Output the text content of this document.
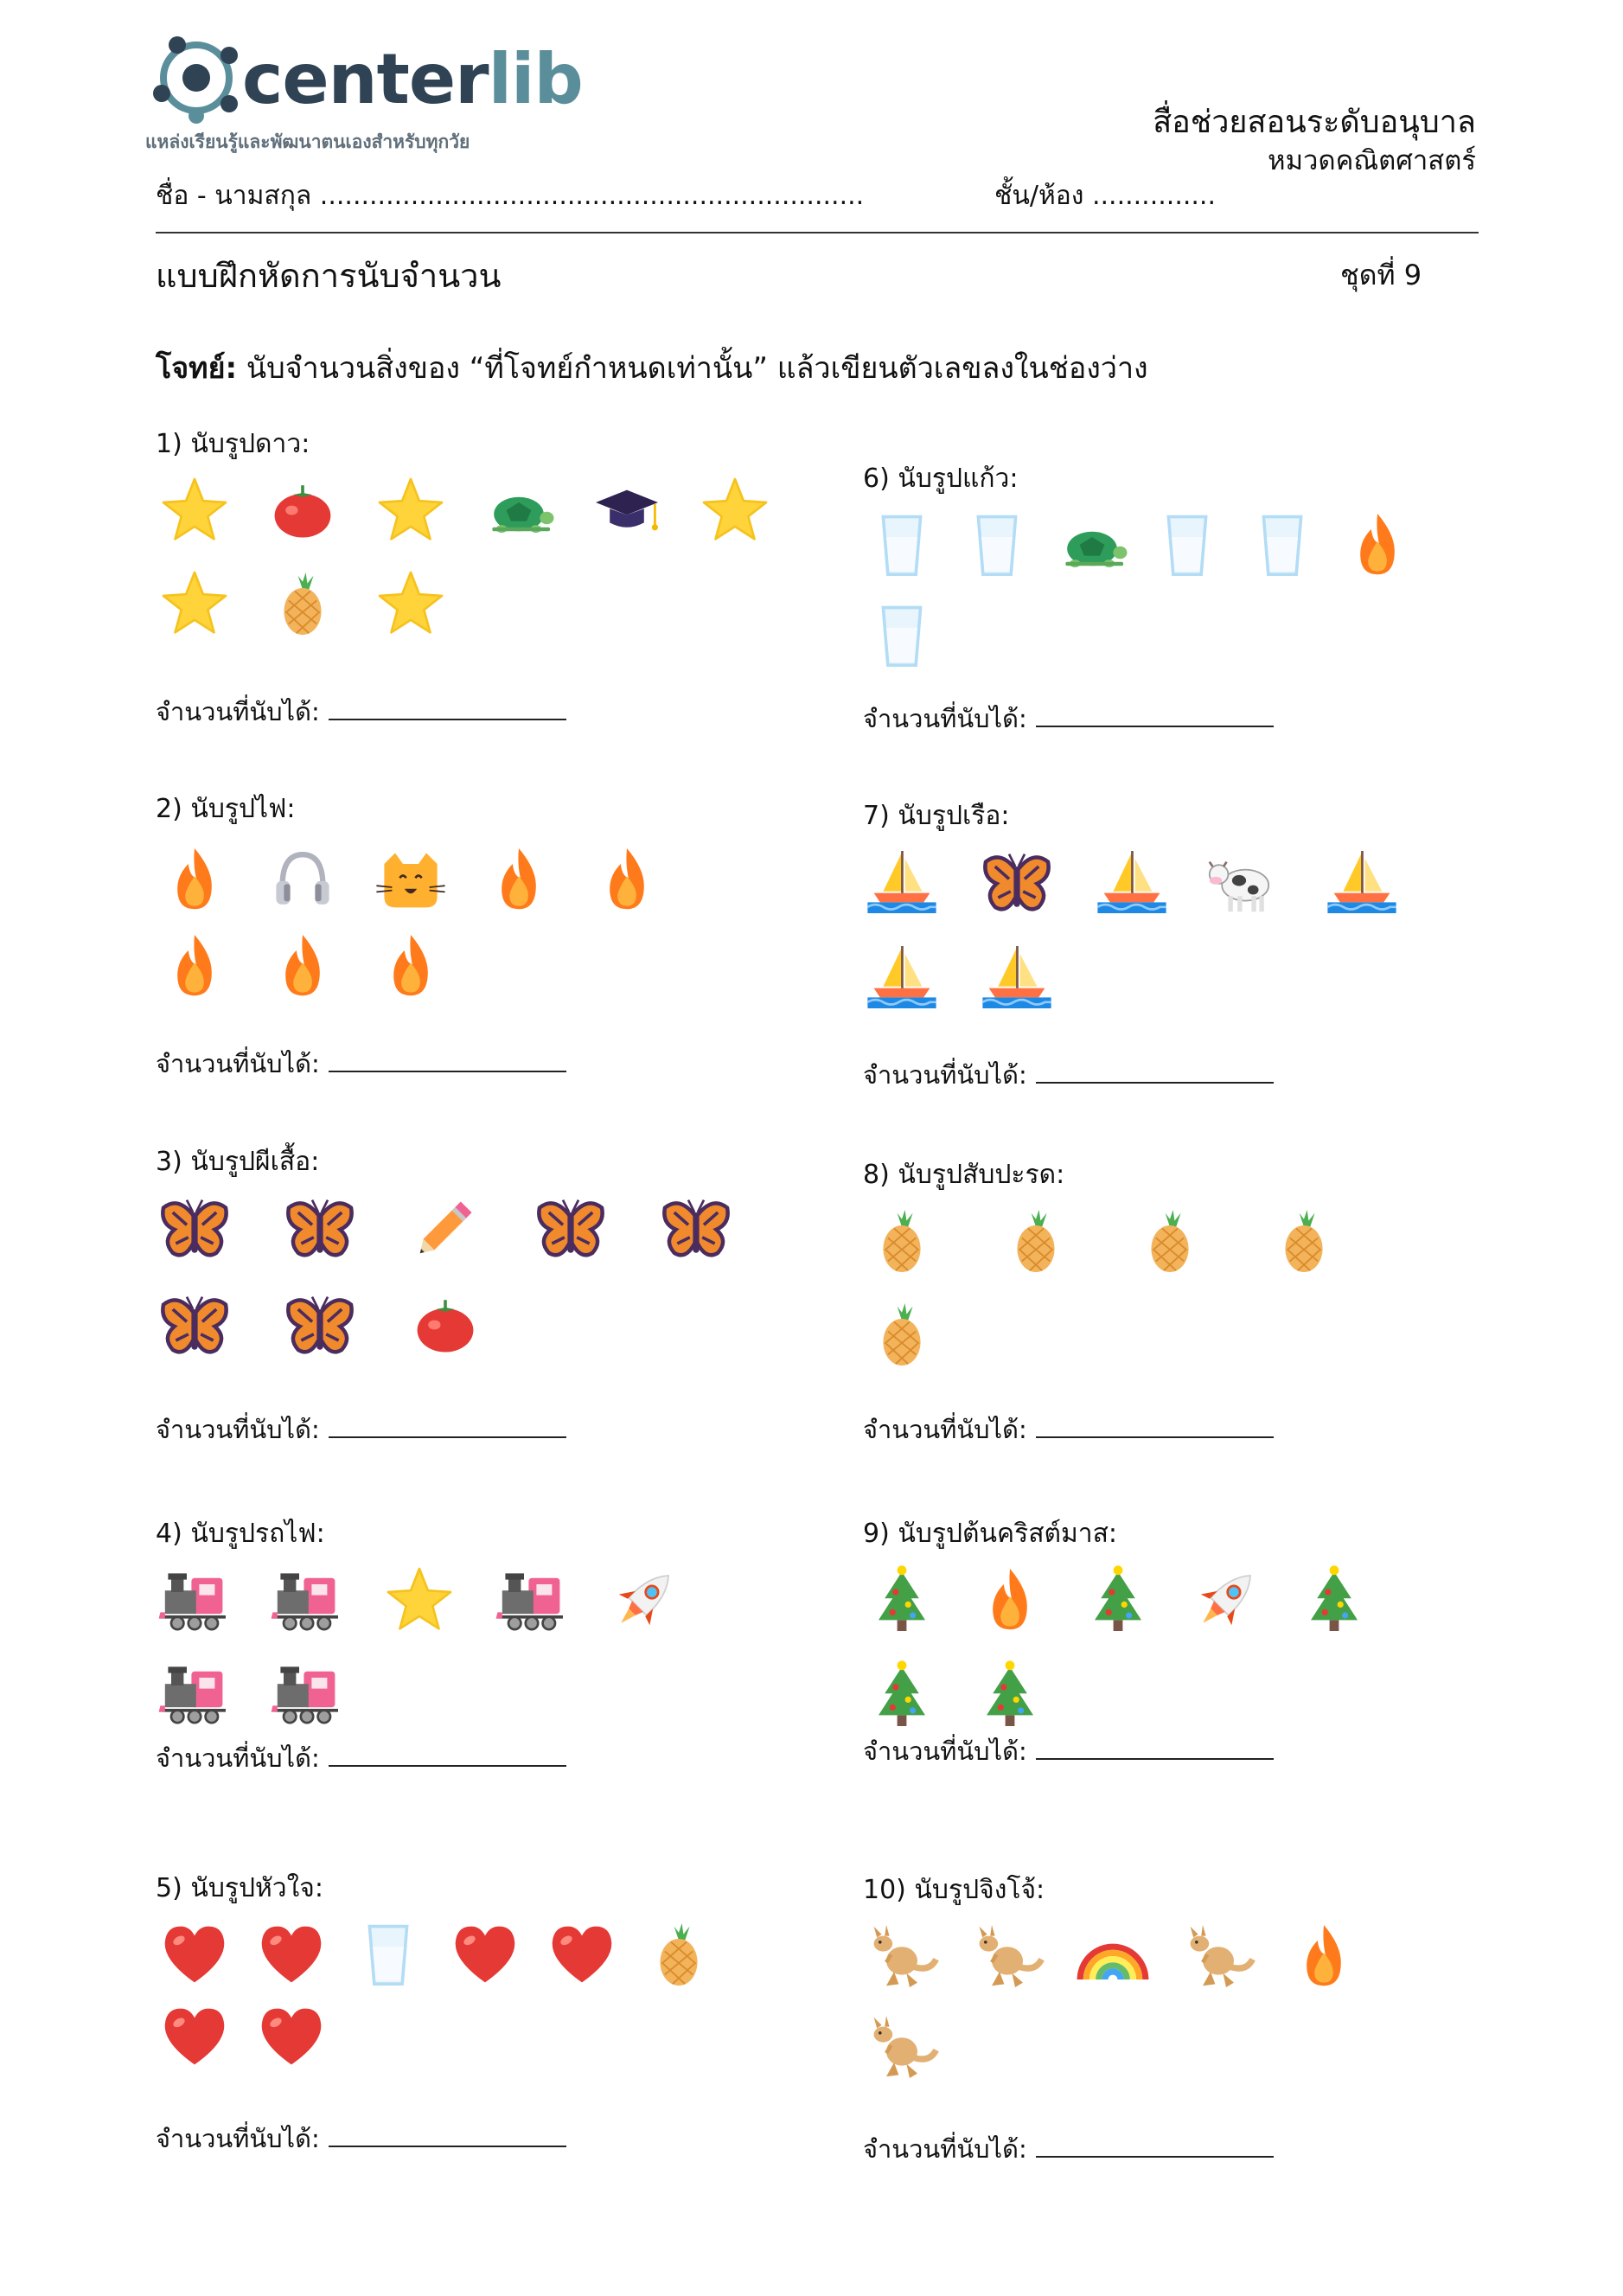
centerlib
แหล่งเรียนรู้และพัฒนาตนเองสำหรับทุกวัย
สื่อช่วยสอนระดับอนุบาล
หมวดคณิตศาสตร์
ชื่อ - นามสกุล ..................................................................	ชั้น/ห้อง ...............
แบบฝึกหัดการนับจำนวน	ชุดที่ 9
โจทย์: นับจำนวนสิ่งของ “ที่โจทย์กำหนดเท่านั้น” แล้วเขียนตัวเลขลงในช่องว่าง
1) นับรูปดาว:
จำนวนที่นับได้:
2) นับรูปไฟ:
จำนวนที่นับได้:
3) นับรูปผีเสื้อ:
จำนวนที่นับได้:
4) นับรูปรถไฟ:
จำนวนที่นับได้:
5) นับรูปหัวใจ:
จำนวนที่นับได้:
6) นับรูปแก้ว:
จำนวนที่นับได้:
7) นับรูปเรือ:
จำนวนที่นับได้:
8) นับรูปสับปะรด:
จำนวนที่นับได้:
9) นับรูปต้นคริสต์มาส:
จำนวนที่นับได้:
10) นับรูปจิงโจ้:
จำนวนที่นับได้:
